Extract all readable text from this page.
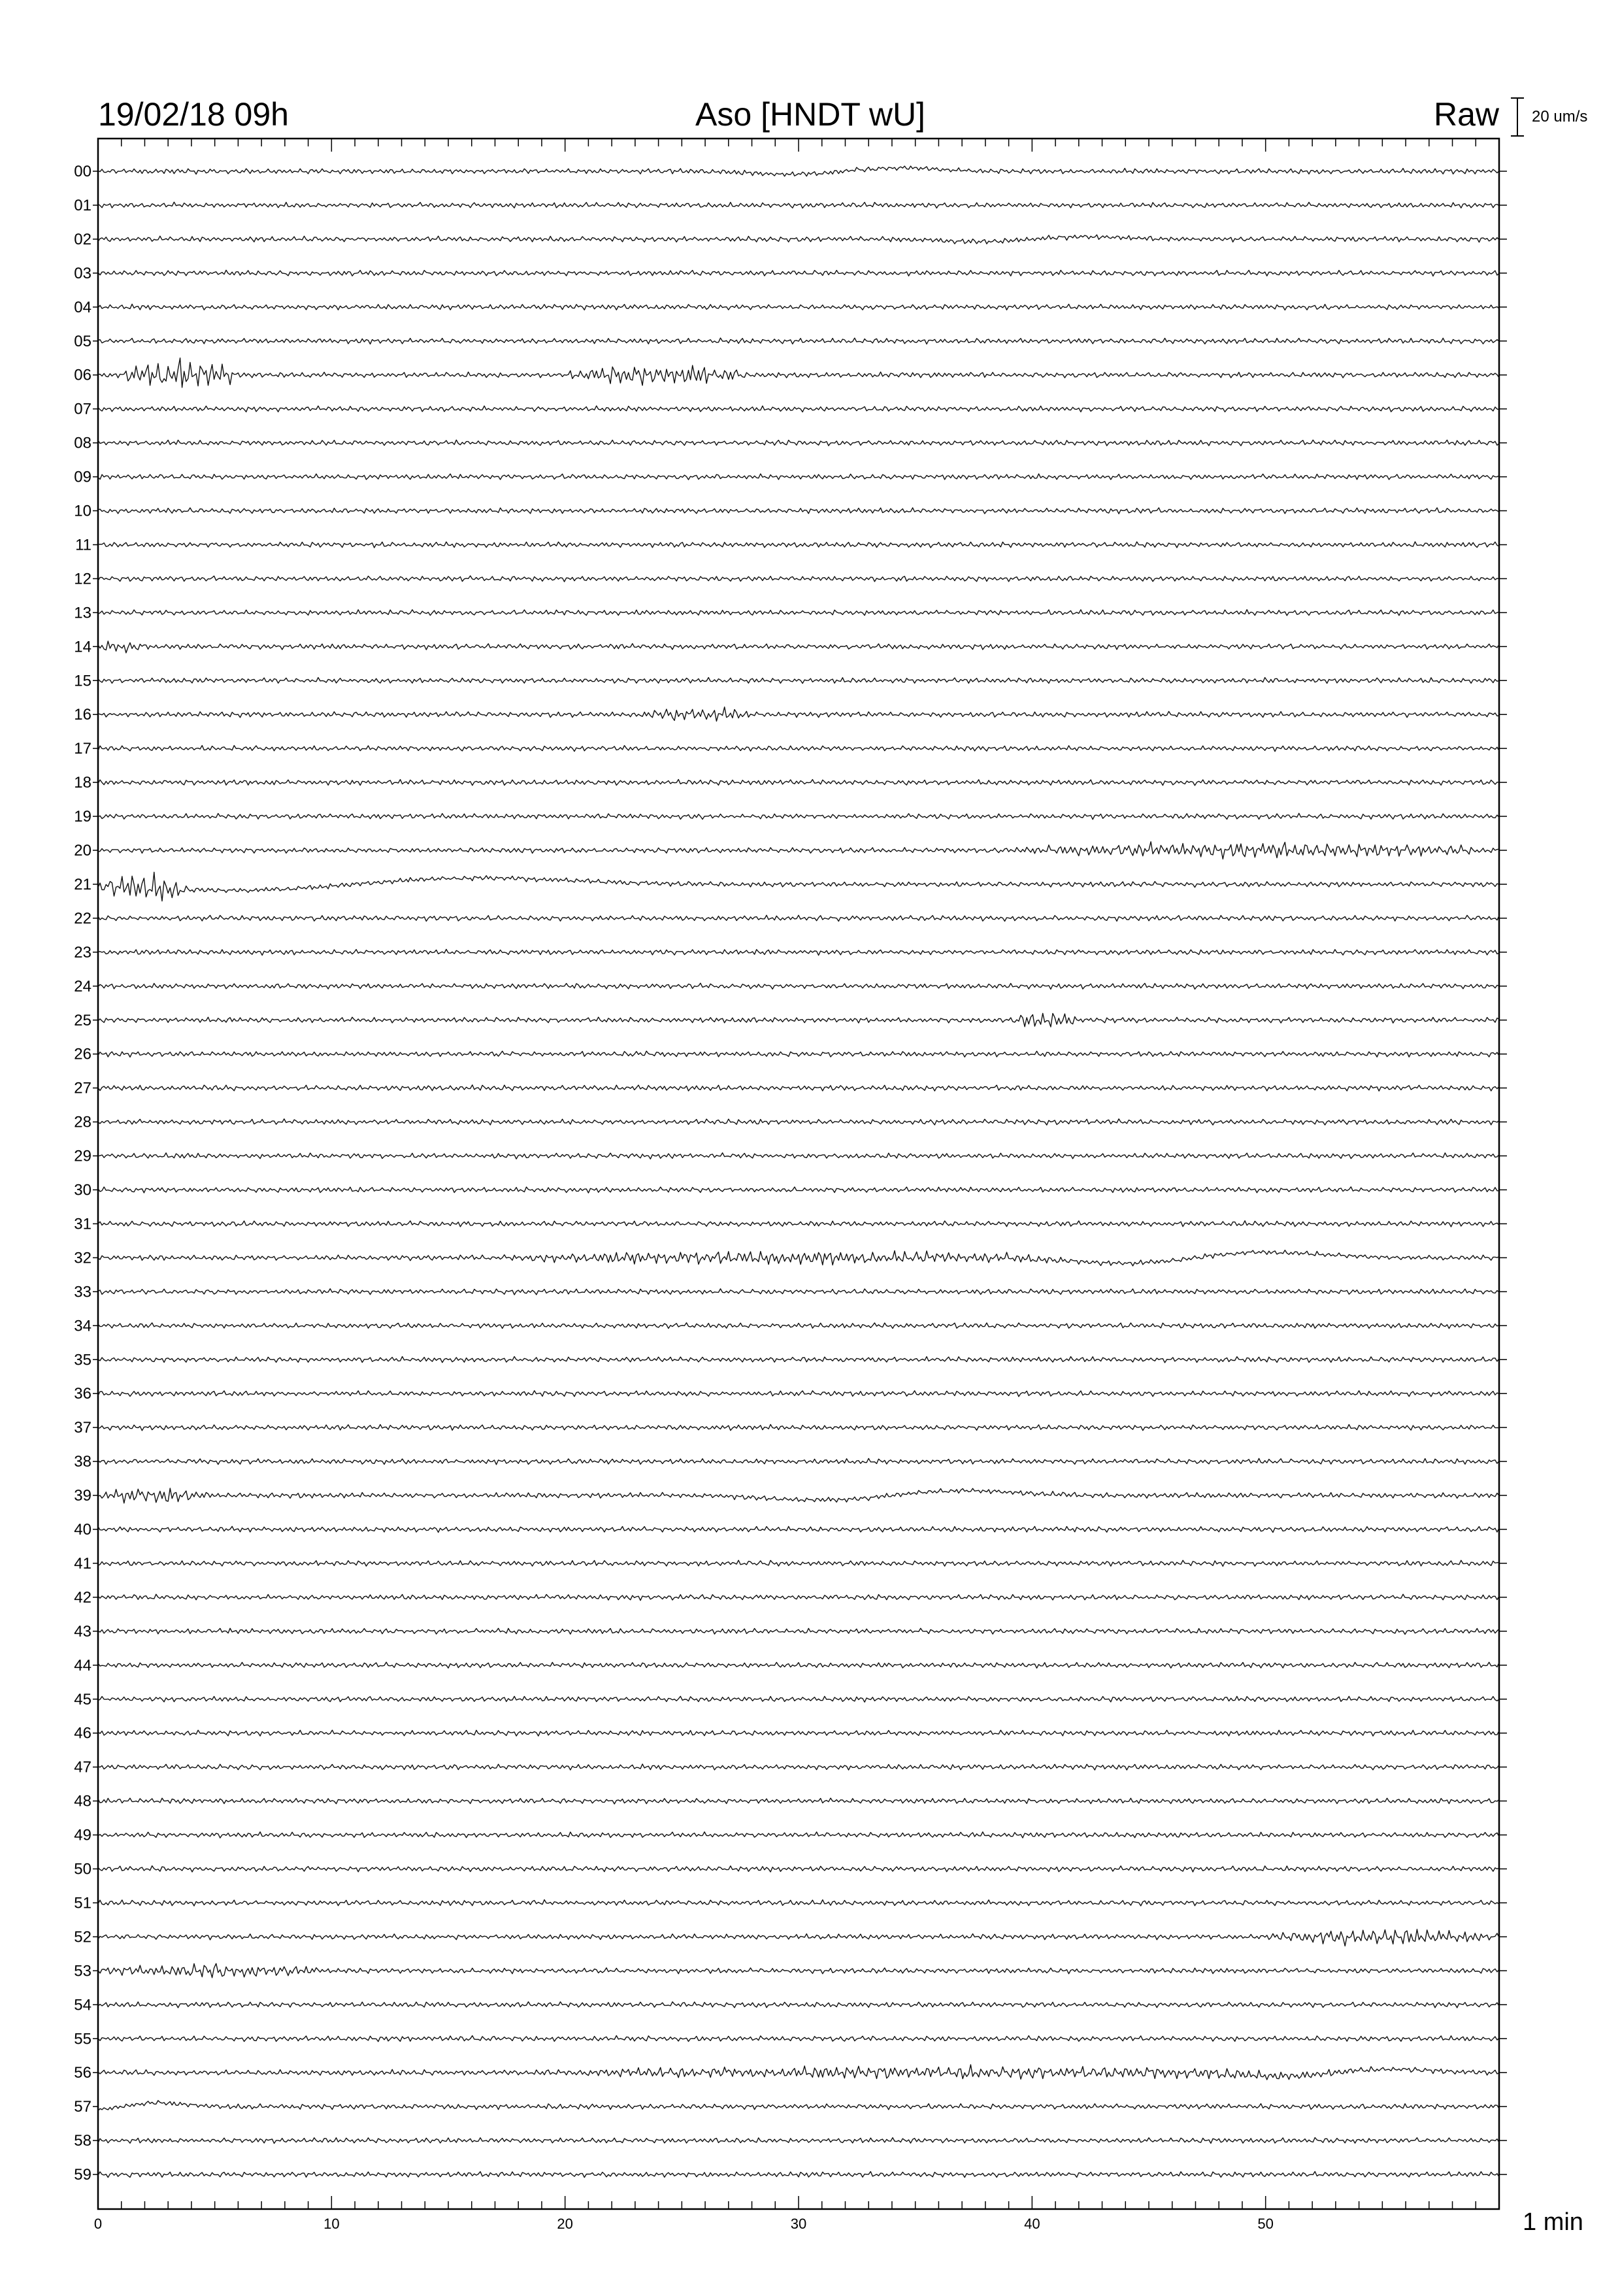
19/02/18 09h	Aso [HNDT wU]	Raw 20 um/s
0	10	20	30	40	50
00
01
02
03
04
05
06
07
08
09
10
11
12
13
14
15
16
17
18
19
20
21
22
23
24
25
26
27
28
29
30
31
32
33
34
35
36
37
38
39
40
41
42
43
44
45
46
47
48
49
50
51
52
53
54
55
56
57
58
59
1 min
